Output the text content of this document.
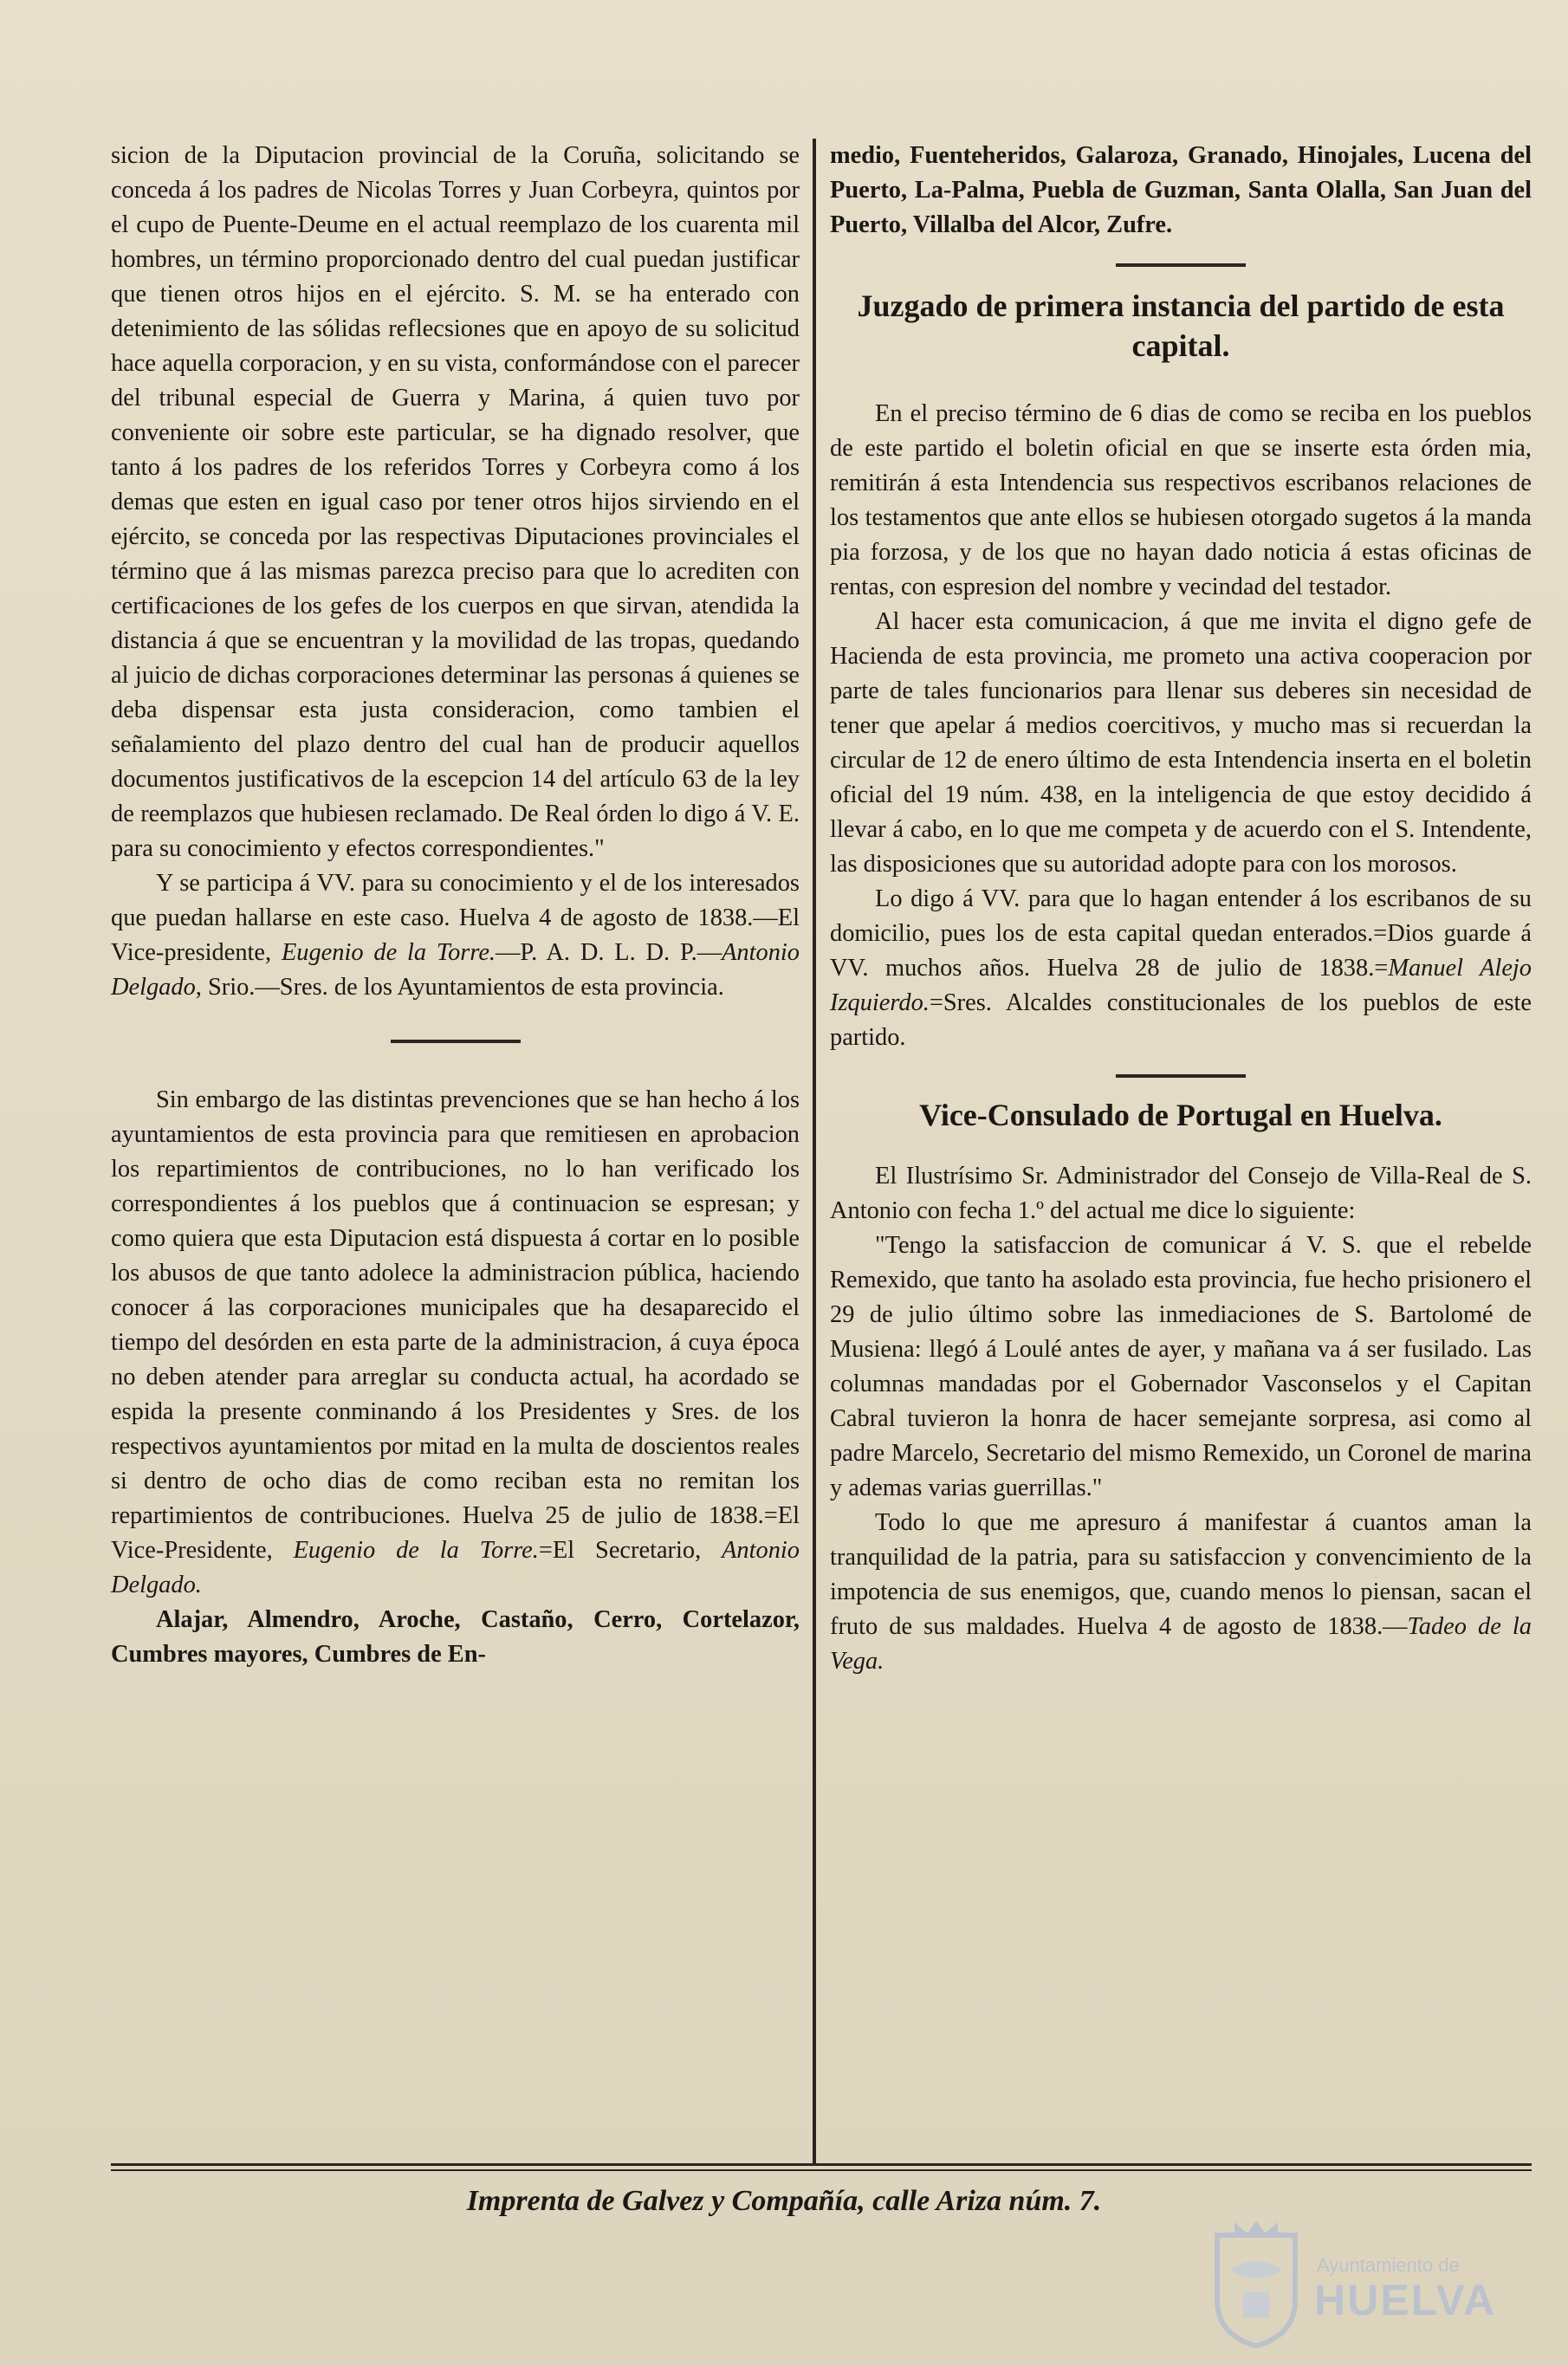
sicion de la Diputacion provincial de la Coruña, solicitando se conceda á los padres de Nicolas Torres y Juan Corbeyra, quintos por el cupo de Puente-Deume en el actual reemplazo de los cuarenta mil hombres, un término proporcionado dentro del cual puedan justificar que tienen otros hijos en el ejército. S. M. se ha enterado con detenimiento de las sólidas reflecsiones que en apoyo de su solicitud hace aquella corporacion, y en su vista, conformándose con el parecer del tribunal especial de Guerra y Marina, á quien tuvo por conveniente oir sobre este particular, se ha dignado resolver, que tanto á los padres de los referidos Torres y Corbeyra como á los demas que esten en igual caso por tener otros hijos sirviendo en el ejército, se conceda por las respectivas Diputaciones provinciales el término que á las mismas parezca preciso para que lo acrediten con certificaciones de los gefes de los cuerpos en que sirvan, atendida la distancia á que se encuentran y la movilidad de las tropas, quedando al juicio de dichas corporaciones determinar las personas á quienes se deba dispensar esta justa consideracion, como tambien el señalamiento del plazo dentro del cual han de producir aquellos documentos justificativos de la escepcion 14 del artículo 63 de la ley de reemplazos que hubiesen reclamado. De Real órden lo digo á V. E. para su conocimiento y efectos correspondientes."

Y se participa á VV. para su conocimiento y el de los interesados que puedan hallarse en este caso. Huelva 4 de agosto de 1838.—El Vice-presidente, Eugenio de la Torre.—P. A. D. L. D. P.—Antonio Delgado, Srio.—Sres. de los Ayuntamientos de esta provincia.

Sin embargo de las distintas prevenciones que se han hecho á los ayuntamientos de esta provincia para que remitiesen en aprobacion los repartimientos de contribuciones, no lo han verificado los correspondientes á los pueblos que á continuacion se espresan; y como quiera que esta Diputacion está dispuesta á cortar en lo posible los abusos de que tanto adolece la administracion pública, haciendo conocer á las corporaciones municipales que ha desaparecido el tiempo del desórden en esta parte de la administracion, á cuya época no deben atender para arreglar su conducta actual, ha acordado se espida la presente conminando á los Presidentes y Sres. de los respectivos ayuntamientos por mitad en la multa de doscientos reales si dentro de ocho dias de como reciban esta no remitan los repartimientos de contribuciones. Huelva 25 de julio de 1838.=El Vice-Presidente, Eugenio de la Torre.=El Secretario, Antonio Delgado.

Alajar, Almendro, Aroche, Castaño, Cerro, Cortelazor, Cumbres mayores, Cumbres de En-

medio, Fuenteheridos, Galaroza, Granado, Hinojales, Lucena del Puerto, La-Palma, Puebla de Guzman, Santa Olalla, San Juan del Puerto, Villalba del Alcor, Zufre.

Juzgado de primera instancia del partido de esta capital.

En el preciso término de 6 dias de como se reciba en los pueblos de este partido el boletin oficial en que se inserte esta órden mia, remitirán á esta Intendencia sus respectivos escribanos relaciones de los testamentos que ante ellos se hubiesen otorgado sugetos á la manda pia forzosa, y de los que no hayan dado noticia á estas oficinas de rentas, con espresion del nombre y vecindad del testador.

Al hacer esta comunicacion, á que me invita el digno gefe de Hacienda de esta provincia, me prometo una activa cooperacion por parte de tales funcionarios para llenar sus deberes sin necesidad de tener que apelar á medios coercitivos, y mucho mas si recuerdan la circular de 12 de enero último de esta Intendencia inserta en el boletin oficial del 19 núm. 438, en la inteligencia de que estoy decidido á llevar á cabo, en lo que me competa y de acuerdo con el S. Intendente, las disposiciones que su autoridad adopte para con los morosos.

Lo digo á VV. para que lo hagan entender á los escribanos de su domicilio, pues los de esta capital quedan enterados.=Dios guarde á VV. muchos años. Huelva 28 de julio de 1838.=Manuel Alejo Izquierdo.=Sres. Alcaldes constitucionales de los pueblos de este partido.

Vice-Consulado de Portugal en Huelva.

El Ilustrísimo Sr. Administrador del Consejo de Villa-Real de S. Antonio con fecha 1.º del actual me dice lo siguiente:

"Tengo la satisfaccion de comunicar á V. S. que el rebelde Remexido, que tanto ha asolado esta provincia, fue hecho prisionero el 29 de julio último sobre las inmediaciones de S. Bartolomé de Musiena: llegó á Loulé antes de ayer, y mañana va á ser fusilado. Las columnas mandadas por el Gobernador Vasconselos y el Capitan Cabral tuvieron la honra de hacer semejante sorpresa, asi como al padre Marcelo, Secretario del mismo Remexido, un Coronel de marina y ademas varias guerrillas."

Todo lo que me apresuro á manifestar á cuantos aman la tranquilidad de la patria, para su satisfaccion y convencimiento de la impotencia de sus enemigos, que, cuando menos lo piensan, sacan el fruto de sus maldades. Huelva 4 de agosto de 1838.—Tadeo de la Vega.

Imprenta de Galvez y Compañía, calle Ariza núm. 7.
Ayuntamiento de
HUELVA
